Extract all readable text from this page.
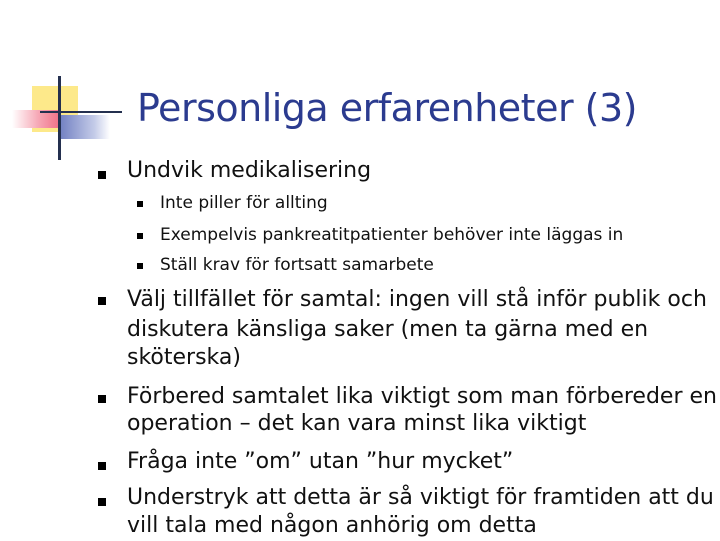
Personliga erfarenheter (3)
Undvik medikalisering
Inte piller för allting
Exempelvis pankreatitpatienter behöver inte läggas in
Ställ krav för fortsatt samarbete
Välj tillfället för samtal: ingen vill stå inför publik och
diskutera känsliga saker (men ta gärna med en
sköterska)
Förbered samtalet lika viktigt som man förbereder en
operation – det kan vara minst lika viktigt
Fråga inte ”om” utan ”hur mycket”
Understryk att detta är så viktigt för framtiden att du
vill tala med någon anhörig om detta
